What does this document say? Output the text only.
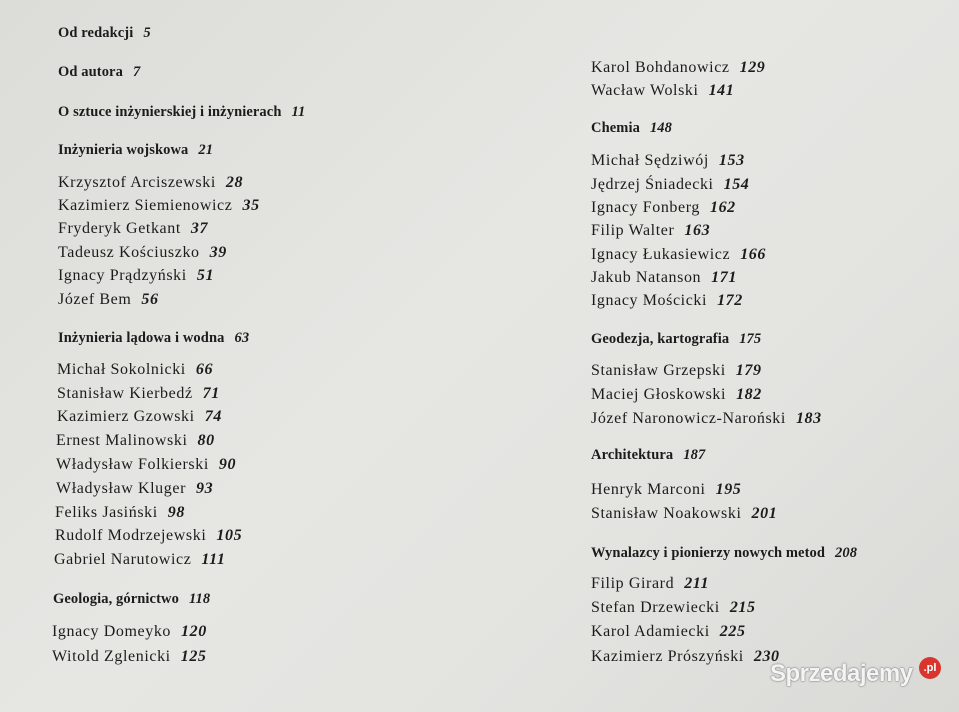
Od redakcji 5
Od autora 7
O sztuce inżynierskiej i inżynierach 11
Inżynieria wojskowa 21
Krzysztof Arciszewski 28
Kazimierz Siemienowicz 35
Fryderyk Getkant 37
Tadeusz Kościuszko 39
Ignacy Prądzyński 51
Józef Bem 56
Inżynieria lądowa i wodna 63
Michał Sokolnicki 66
Stanisław Kierbedź 71
Kazimierz Gzowski 74
Ernest Malinowski 80
Władysław Folkierski 90
Władysław Kluger 93
Feliks Jasiński 98
Rudolf Modrzejewski 105
Gabriel Narutowicz 111
Geologia, górnictwo 118
Ignacy Domeyko 120
Witold Zglenicki 125
Karol Bohdanowicz 129
Wacław Wolski 141
Chemia 148
Michał Sędziwój 153
Jędrzej Śniadecki 154
Ignacy Fonberg 162
Filip Walter 163
Ignacy Łukasiewicz 166
Jakub Natanson 171
Ignacy Mościcki 172
Geodezja, kartografia 175
Stanisław Grzepski 179
Maciej Głoskowski 182
Józef Naronowicz-Naroński 183
Architektura 187
Henryk Marconi 195
Stanisław Noakowski 201
Wynalazcy i pionierzy nowych metod 208
Filip Girard 211
Stefan Drzewiecki 215
Karol Adamiecki 225
Kazimierz Prószyński 230
Sprzedajemy	.pl
